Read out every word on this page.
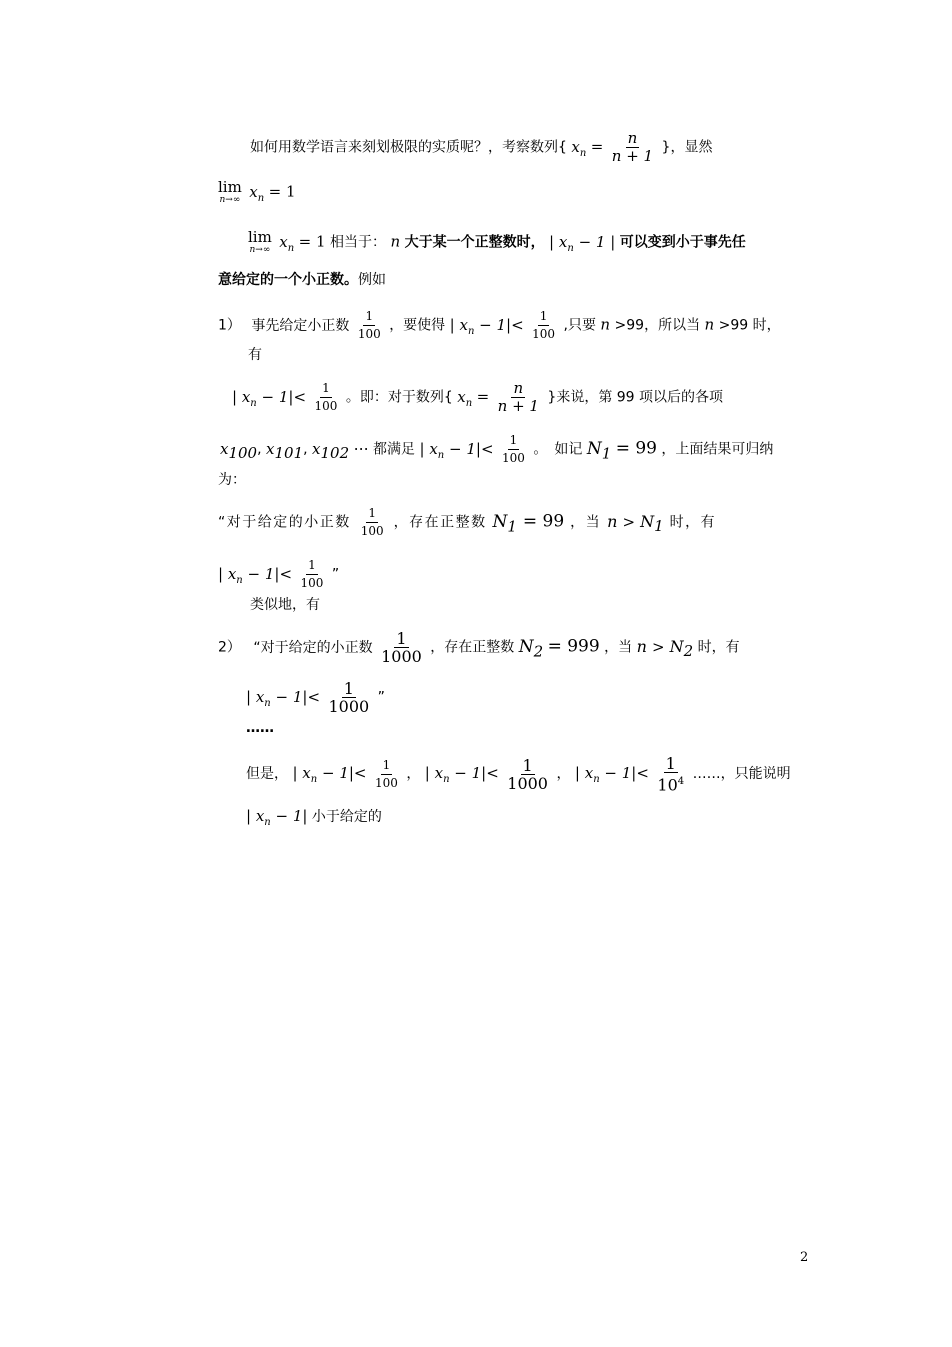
如何用数学语言来刻划极限的实质呢？，考察数列{ $x_n = \frac{n}{n + 1}$ }，显然
lim
n→∞ $x_n = 1$
lim
n→∞ $x_n = 1$ 相当于： n 大于某一个正整数时， | $x_n - 1$ | 可以变到小于事先任
意给定的一个小正数。例如
1） 事先给定小正数 $\frac{1}{100}$ ，要使得 | $x_n - 1|< \frac{1}{100}$ ,只要 n >99，所以当 n >99 时，
有
| $x_n - 1|< \frac{1}{100}$ 。即：对于数列{ $x_n = \frac{n}{n + 1}$ }来说，第 99 项以后的各项
$x_{100}$, $x_{101}$, $x_{102}$ ⋯ 都满足 | $x_n - 1|< \frac{1}{100}$ 。　如记 $N_1 = 99$ ，上面结果可归纳
为：
“对于给定的小正数 $\frac{1}{100}$ ，存在正整数 $N_1 = 99$ ，当 $n > N_1$ 时，有
| $x_n - 1|< \frac{1}{100}$ ”
类似地，有
2） “对于给定的小正数 $\frac{1}{1000}$ ，存在正整数 $N_2 = 999$ ，当 $n > N_2$ 时，有
| $x_n - 1|< \frac{1}{1000}$ ”
……
但是， | $x_n - 1|< \frac{1}{100}$ ， | $x_n - 1|< \frac{1}{1000}$ ， | $x_n - 1|< \frac{1}{10^4}$ ……，只能说明
| $x_n - 1|$ 小于给定的
2
